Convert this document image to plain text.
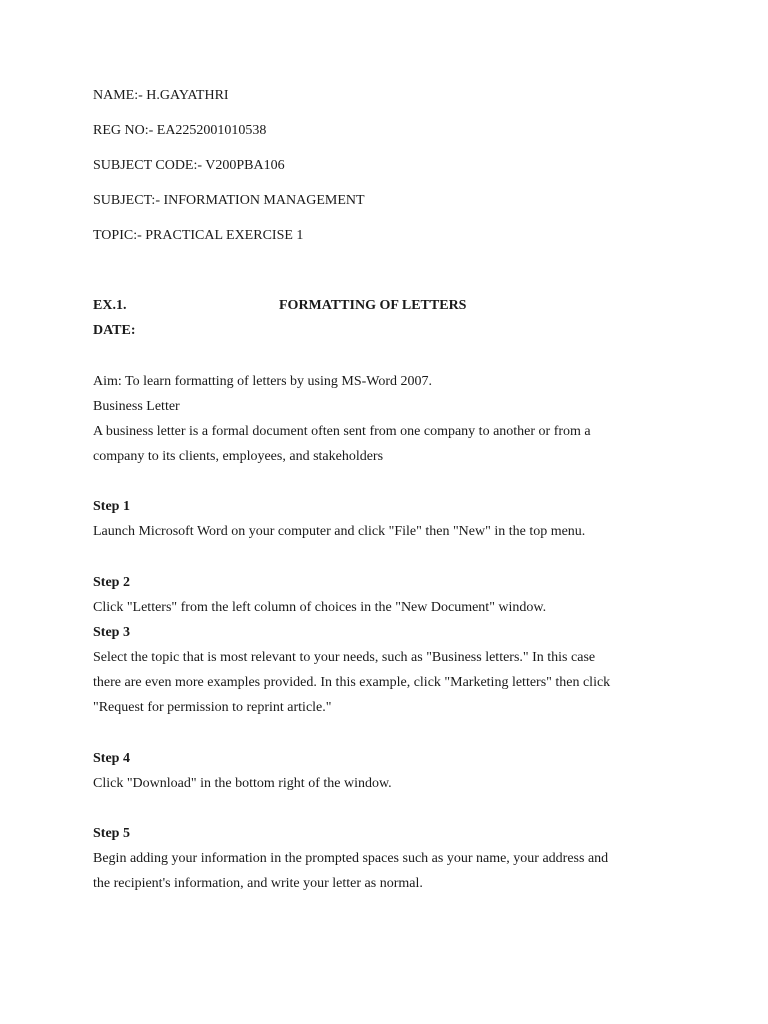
NAME:- H.GAYATHRI
REG NO:- EA2252001010538
SUBJECT CODE:- V200PBA106
SUBJECT:- INFORMATION MANAGEMENT
TOPIC:- PRACTICAL EXERCISE 1
EX.1.	FORMATTING OF LETTERS
DATE:
Aim: To learn formatting of letters by using MS-Word 2007.
Business Letter
A business letter is a formal document often sent from one company to another or from a
company to its clients, employees, and stakeholders
Step 1
Launch Microsoft Word on your computer and click "File" then "New" in the top menu.
Step 2
Click "Letters" from the left column of choices in the "New Document" window.
Step 3
Select the topic that is most relevant to your needs, such as "Business letters." In this case
there are even more examples provided. In this example, click "Marketing letters" then click
"Request for permission to reprint article."
Step 4
Click "Download" in the bottom right of the window.
Step 5
Begin adding your information in the prompted spaces such as your name, your address and
the recipient's information, and write your letter as normal.
